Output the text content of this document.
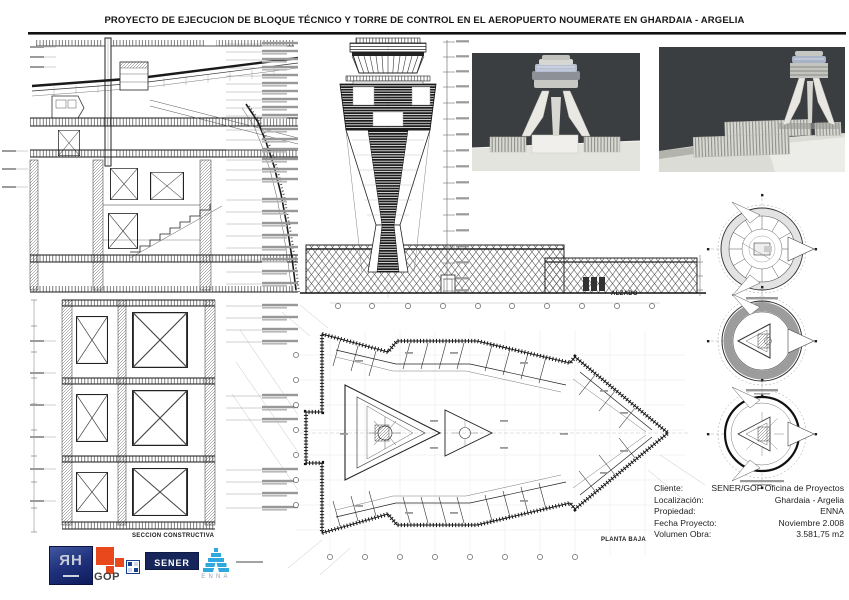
PROYECTO DE EJECUCION DE BLOQUE TÉCNICO Y TORRE DE CONTROL EN EL AEROPUERTO NOUMERATE EN GHARDAIA - ARGELIA
SECCION CONSTRUCTIVA
ALZADO
PLANTA BAJA
Cliente:	SENER/GOP Oficina de Proyectos
Localización:	Ghardaia - Argelia
Propiedad:	ENNA
Fecha Proyecto:	Noviembre 2.008
Volumen Obra:	3.581,75 m2
ЯH
GOP
SENER
ENNA
